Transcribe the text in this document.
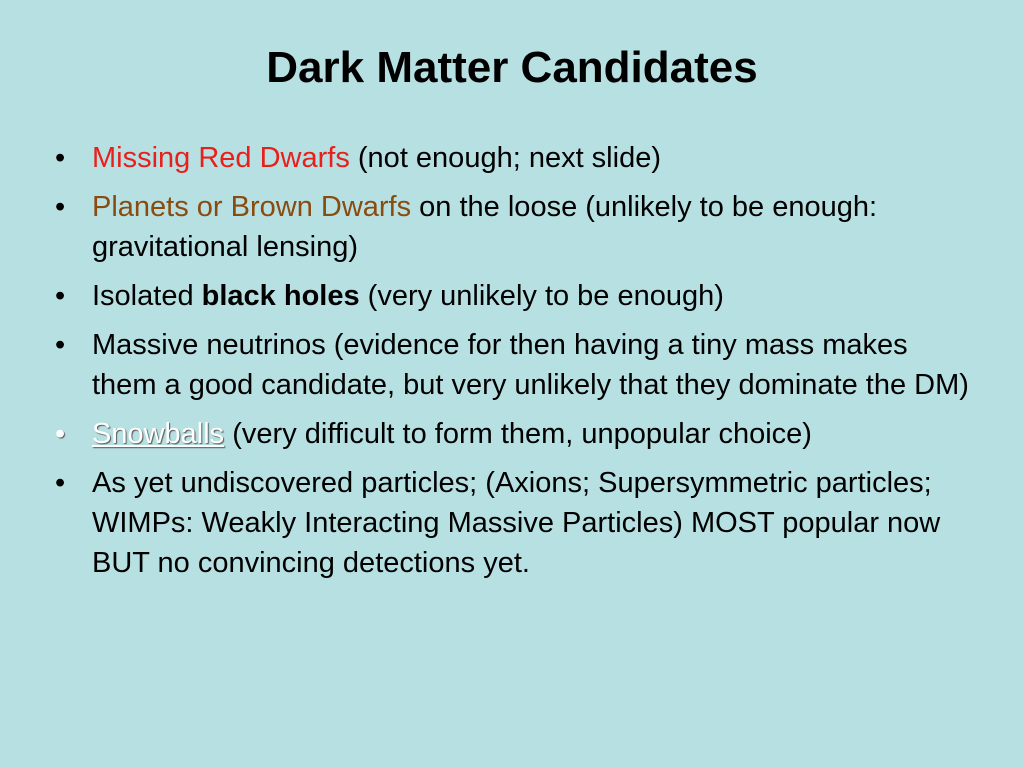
Dark Matter Candidates
• Missing Red Dwarfs (not enough; next slide)
• Planets or Brown Dwarfs on the loose (unlikely to be enough: gravitational lensing)
• Isolated black holes (very unlikely to be enough)
• Massive neutrinos (evidence for then having a tiny mass makes them a good candidate, but very unlikely that they dominate the DM)
• Snowballs (very difficult to form them, unpopular choice)
• As yet undiscovered particles; (Axions; Supersymmetric particles; WIMPs: Weakly Interacting Massive Particles) MOST popular now BUT no convincing detections yet.
